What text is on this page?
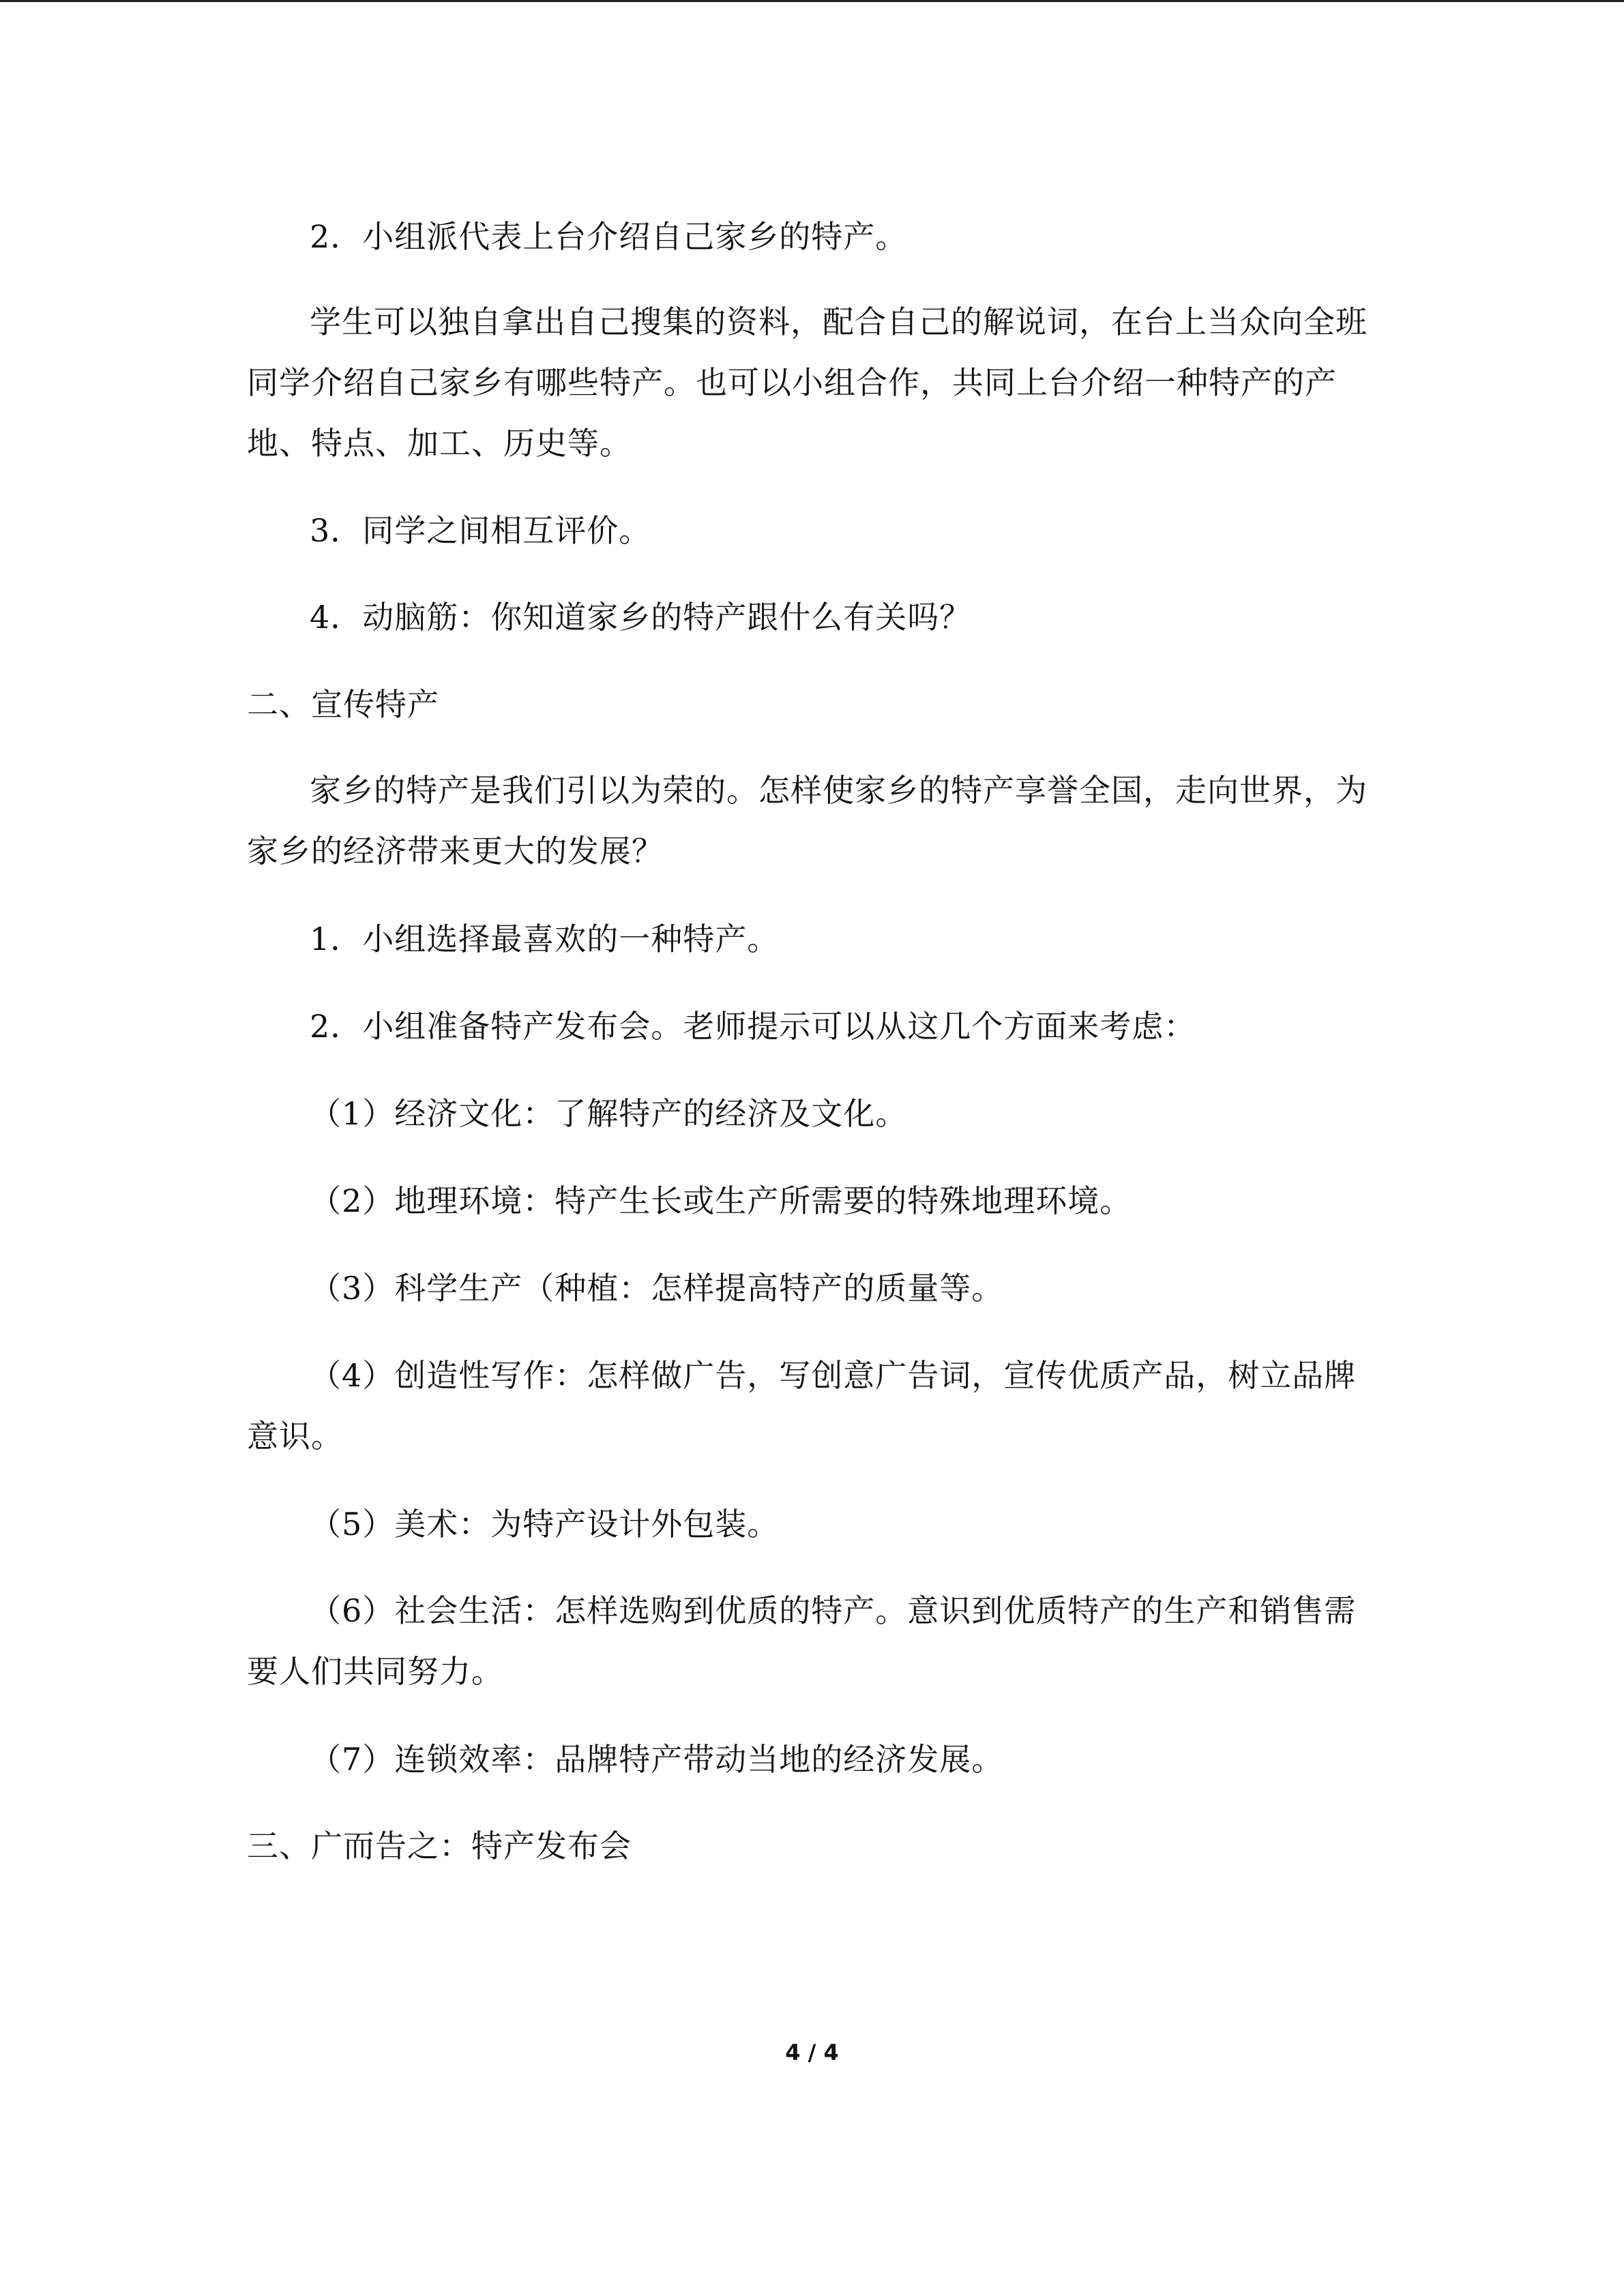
2．小组派代表上台介绍自己家乡的特产。
学生可以独自拿出自己搜集的资料，配合自己的解说词，在台上当众向全班同学介绍自己家乡有哪些特产。也可以小组合作，共同上台介绍一种特产的产地、特点、加工、历史等。
3．同学之间相互评价。
4．动脑筋：你知道家乡的特产跟什么有关吗？
二、宣传特产
家乡的特产是我们引以为荣的。怎样使家乡的特产享誉全国，走向世界，为家乡的经济带来更大的发展？
1．小组选择最喜欢的一种特产。
2．小组准备特产发布会。老师提示可以从这几个方面来考虑：
（1）经济文化：了解特产的经济及文化。
（2）地理环境：特产生长或生产所需要的特殊地理环境。
（3）科学生产（种植：怎样提高特产的质量等。
（4）创造性写作：怎样做广告，写创意广告词，宣传优质产品，树立品牌意识。
（5）美术：为特产设计外包装。
（6）社会生活：怎样选购到优质的特产。意识到优质特产的生产和销售需要人们共同努力。
（7）连锁效率：品牌特产带动当地的经济发展。
三、广而告之：特产发布会
4 / 4
